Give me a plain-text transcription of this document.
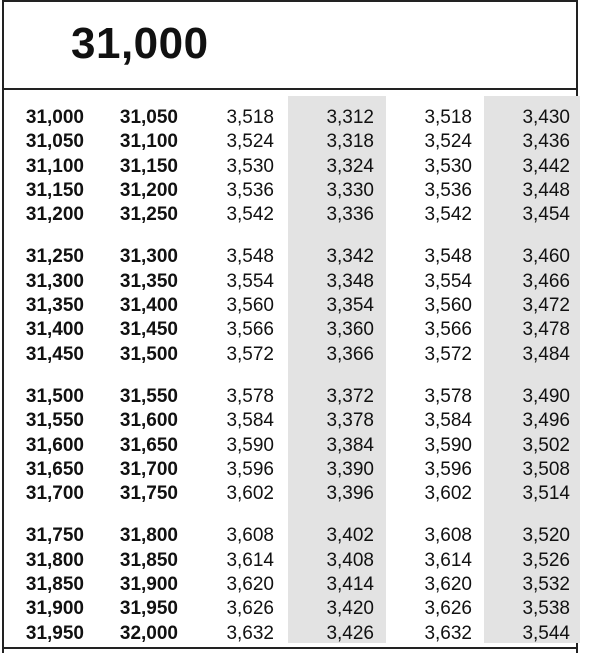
31,000
31,000 31,050	3,518	3,312	3,518	3,430
31,050 31,100	3,524	3,318	3,524	3,436
31,100 31,150	3,530	3,324	3,530	3,442
31,150 31,200	3,536	3,330	3,536	3,448
31,200 31,250	3,542	3,336	3,542	3,454
31,250 31,300	3,548	3,342	3,548	3,460
31,300 31,350	3,554	3,348	3,554	3,466
31,350 31,400	3,560	3,354	3,560	3,472
31,400 31,450	3,566	3,360	3,566	3,478
31,450 31,500	3,572	3,366	3,572	3,484
31,500 31,550	3,578	3,372	3,578	3,490
31,550 31,600	3,584	3,378	3,584	3,496
31,600 31,650	3,590	3,384	3,590	3,502
31,650 31,700	3,596	3,390	3,596	3,508
31,700 31,750	3,602	3,396	3,602	3,514
31,750 31,800	3,608	3,402	3,608	3,520
31,800 31,850	3,614	3,408	3,614	3,526
31,850 31,900	3,620	3,414	3,620	3,532
31,900 31,950	3,626	3,420	3,626	3,538
31,950 32,000	3,632	3,426	3,632	3,544
